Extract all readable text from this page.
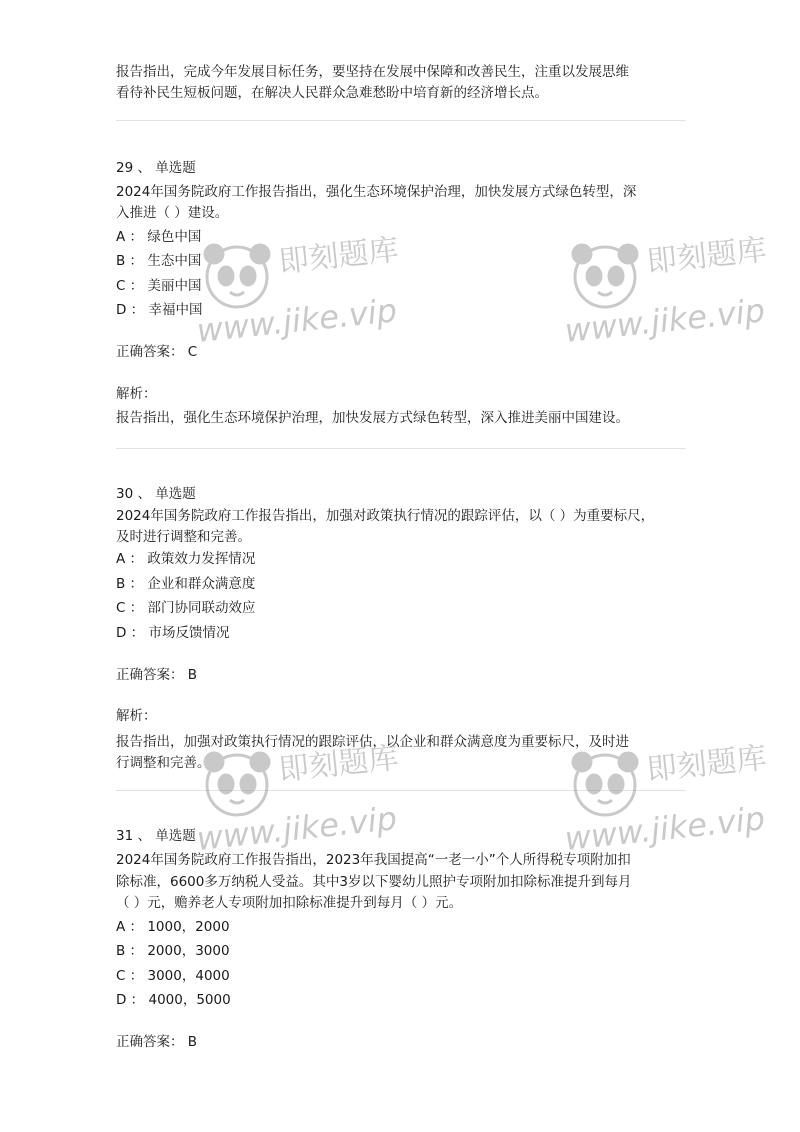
报告指出，完成今年发展目标任务，要坚持在发展中保障和改善民生，注重以发展思维
看待补民生短板问题，在解决人民群众急难愁盼中培育新的经济增长点。
29 、 单选题
2024年国务院政府工作报告指出，强化生态环境保护治理，加快发展方式绿色转型，深
入推进（ ）建设。
A ： 绿色中国
B ： 生态中国
C ： 美丽中国
D ： 幸福中国
正确答案： C
解析：
报告指出，强化生态环境保护治理，加快发展方式绿色转型，深入推进美丽中国建设。
30 、 单选题
2024年国务院政府工作报告指出，加强对政策执行情况的跟踪评估，以（ ）为重要标尺，
及时进行调整和完善。
A ： 政策效力发挥情况
B ： 企业和群众满意度
C ： 部门协同联动效应
D ： 市场反馈情况
正确答案： B
解析：
报告指出，加强对政策执行情况的跟踪评估，以企业和群众满意度为重要标尺，及时进
行调整和完善。
31 、 单选题
2024年国务院政府工作报告指出，2023年我国提高“一老一小”个人所得税专项附加扣
除标准，6600多万纳税人受益。其中3岁以下婴幼儿照护专项附加扣除标准提升到每月
（ ）元，赡养老人专项附加扣除标准提升到每月（ ）元。
A ： 1000，2000
B ： 2000，3000
C ： 3000，4000
D ： 4000，5000
正确答案： B
即刻题库
www.jike.vip
即刻题库
www.jike.vip
即刻题库
www.jike.vip
即刻题库
www.jike.vip
